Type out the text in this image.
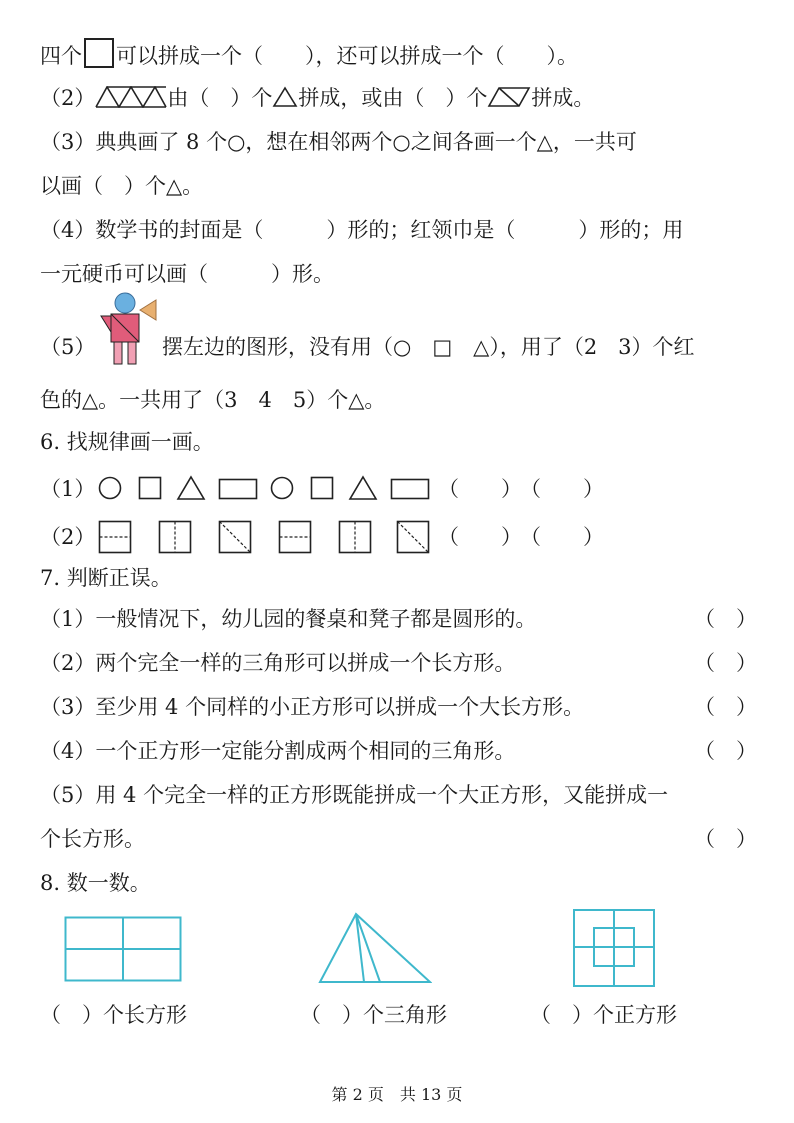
四个 可以拼成一个（　　），还可以拼成一个（　　）。
（2）	由（　）个 拼成，或由（　）个 拼成。
（3）典典画了 8 个○，想在相邻两个○之间各画一个△，一共可
以画（　）个△。
（4）数学书的封面是（　　　）形的；红领巾是（　　　）形的；用
一元硬币可以画（　　　）形。
（5）	摆左边的图形，没有用（○　□　△），用了（2　3）个红
色的△。一共用了（3　4　5）个△。
6. 找规律画一画。
（1）	（　　）
（　　）
（2）	（　　）
（　　）
7. 判断正误。
（1）一般情况下，幼儿园的餐桌和凳子都是圆形的。	（　）
（2）两个完全一样的三角形可以拼成一个长方形。	（　）
（3）至少用 4 个同样的小正方形可以拼成一个大长方形。	（　）
（4）一个正方形一定能分割成两个相同的三角形。	（　）
（5）用 4 个完全一样的正方形既能拼成一个大正方形，又能拼成一
个长方形。	（　）
8. 数一数。
（　）个长方形	（　）个三角形	（　）个正方形
第 2 页　共 13 页
